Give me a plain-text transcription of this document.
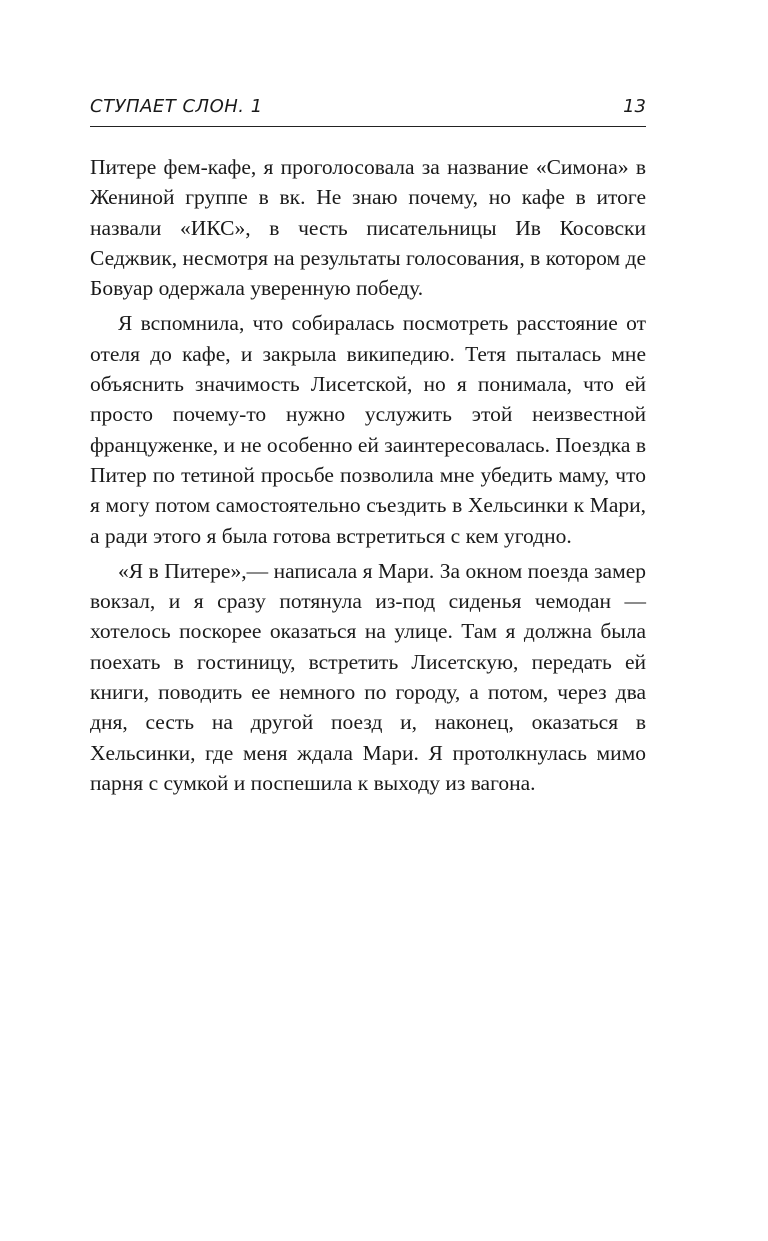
СТУПАЕТ СЛОН. 1	13

Питере фем-кафе, я проголосовала за название «Симона» в Жениной группе в вк. Не знаю почему, но кафе в итоге назвали «ИКС», в честь писательницы Ив Косовски Седжвик, несмотря на результаты голосования, в котором де Бовуар одержала уверенную победу.

Я вспомнила, что собиралась посмотреть расстояние от отеля до кафе, и закрыла википедию. Тетя пыталась мне объяснить значимость Лисетской, но я понимала, что ей просто почему-то нужно услужить этой неизвестной француженке, и не особенно ей заинтересовалась. Поездка в Питер по тетиной просьбе позволила мне убедить маму, что я могу потом самостоятельно съездить в Хельсинки к Мари, а ради этого я была готова встретиться с кем угодно.

«Я в Питере»,— написала я Мари. За окном поезда замер вокзал, и я сразу потянула из-под сиденья чемодан — хотелось поскорее оказаться на улице. Там я должна была поехать в гостиницу, встретить Лисетскую, передать ей книги, поводить ее немного по городу, а потом, через два дня, сесть на другой поезд и, наконец, оказаться в Хельсинки, где меня ждала Мари. Я протолкнулась мимо парня с сумкой и поспешила к выходу из вагона.
